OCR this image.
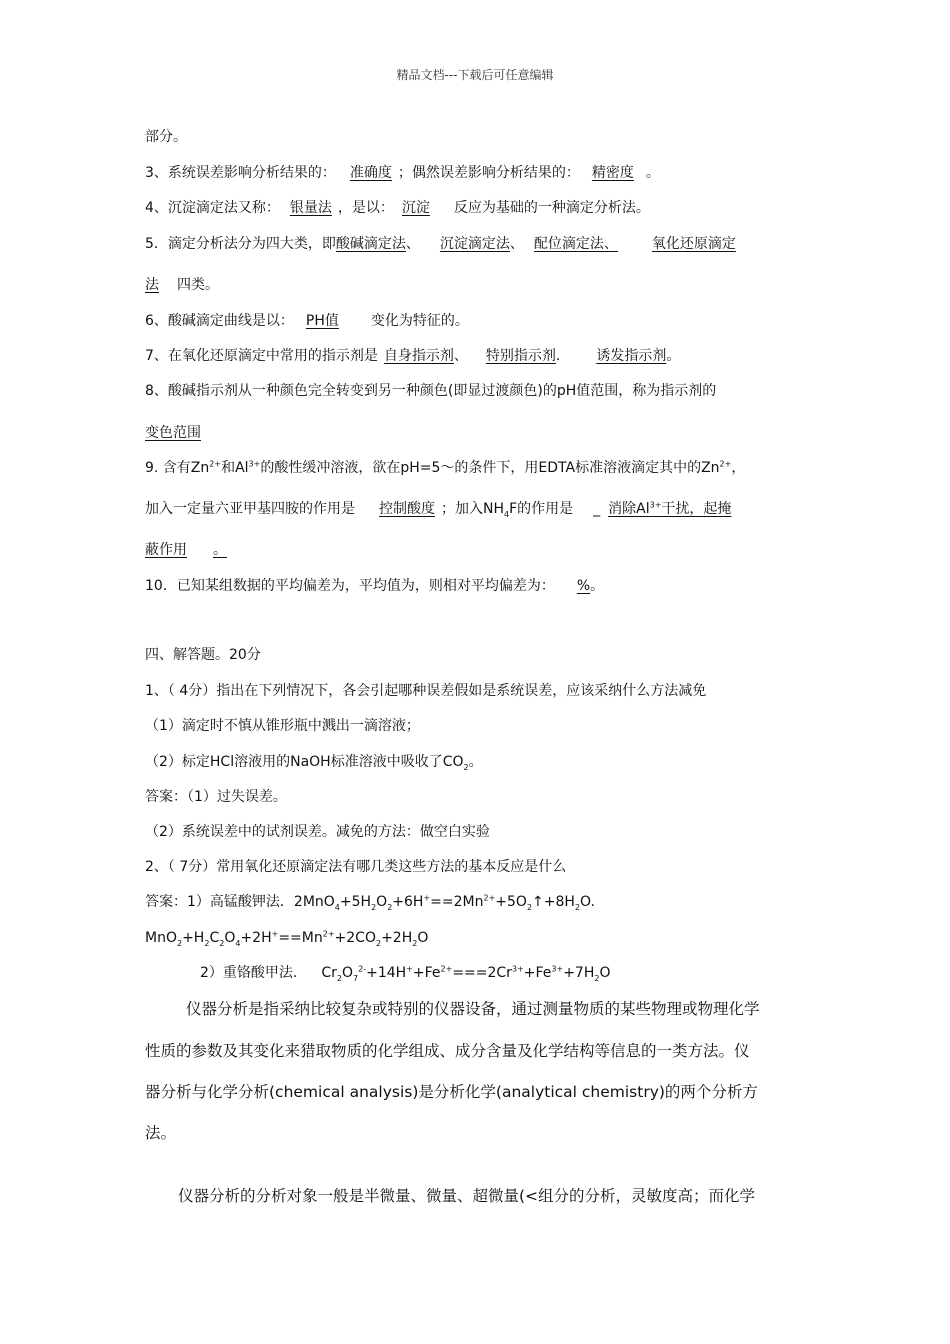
精品文档---下载后可任意编辑
部分。
3、系统误差影响分析结果的： 准确度 ；偶然误差影响分析结果的： 精密度 。
4、沉淀滴定法又称： 银量法 ，是以： 沉淀 反应为基础的一种滴定分析法。
5．滴定分析法分为四大类，即酸碱滴定法、 沉淀滴定法、 配位滴定法、 氧化还原滴定
法 四类。
6、酸碱滴定曲线是以： PH值 变化为特征的。
7、在氧化还原滴定中常用的指示剂是 自身指示剂、 特别指示剂.	诱发指示剂。
8、酸碱指示剂从一种颜色完全转变到另一种颜色(即显过渡颜色)的pH值范围，称为指示剂的
变色范围
9. 含有$Zn^{2+}$和$Al^{3+}$的酸性缓冲溶液，欲在pH=5～的条件下，用EDTA标准溶液滴定其中的$Zn^{2+}$，
加入一定量六亚甲基四胺的作用是 控制酸度 ；加入$NH_4F$的作用是 _ 消除$Al^{3+}$干扰，起掩
蔽作用 。
10．已知某组数据的平均偏差为，平均值为，则相对平均偏差为： %。
四、解答题。20分
1、（ 4分）指出在下列情况下，各会引起哪种误差假如是系统误差，应该采纳什么方法减免
（1）滴定时不慎从锥形瓶中溅出一滴溶液；
（2）标定HCl溶液用的NaOH标准溶液中吸收了$CO_2$。
答案：（1）过失误差。
（2）系统误差中的试剂误差。减免的方法：做空白实验
2、（ 7分）常用氧化还原滴定法有哪几类这些方法的基本反应是什么
答案：1）高锰酸钾法．$2MnO_4+5H_2O_2+6H^+==2Mn^{2+}+5O_2↑+8H_2O$.
$MnO_2+H_2C_2O_4+2H^+==Mn^{2+}+2CO_2+2H_2O$
2）重铬酸甲法. $Cr_2O_7^{2-}+14H^++Fe^{2+}===2Cr^{3+}+Fe^{3+}+7H_2O$
仪器分析是指采纳比较复杂或特别的仪器设备，通过测量物质的某些物理或物理化学
性质的参数及其变化来猎取物质的化学组成、成分含量及化学结构等信息的一类方法。仪
器分析与化学分析(chemical analysis)是分析化学(analytical chemistry)的两个分析方
法。
仪器分析的分析对象一般是半微量、微量、超微量(<组分的分析，灵敏度高；而化学
